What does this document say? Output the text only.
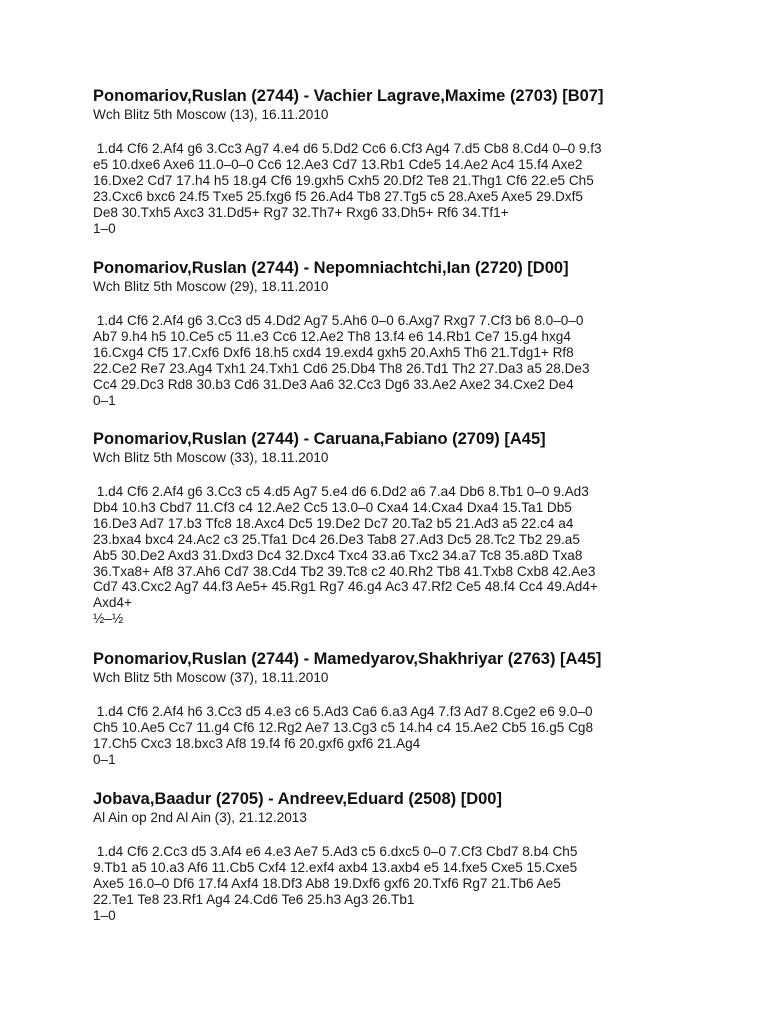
Ponomariov,Ruslan (2744) - Vachier Lagrave,Maxime (2703) [B07]
Wch Blitz 5th Moscow (13), 16.11.2010
1.d4 Cf6 2.Af4 g6 3.Cc3 Ag7 4.e4 d6 5.Dd2 Cc6 6.Cf3 Ag4 7.d5 Cb8 8.Cd4 0–0 9.f3
e5 10.dxe6 Axe6 11.0–0–0 Cc6 12.Ae3 Cd7 13.Rb1 Cde5 14.Ae2 Ac4 15.f4 Axe2
16.Dxe2 Cd7 17.h4 h5 18.g4 Cf6 19.gxh5 Cxh5 20.Df2 Te8 21.Thg1 Cf6 22.e5 Ch5
23.Cxc6 bxc6 24.f5 Txe5 25.fxg6 f5 26.Ad4 Tb8 27.Tg5 c5 28.Axe5 Axe5 29.Dxf5
De8 30.Txh5 Axc3 31.Dd5+ Rg7 32.Th7+ Rxg6 33.Dh5+ Rf6 34.Tf1+
1–0
Ponomariov,Ruslan (2744) - Nepomniachtchi,Ian (2720) [D00]
Wch Blitz 5th Moscow (29), 18.11.2010
1.d4 Cf6 2.Af4 g6 3.Cc3 d5 4.Dd2 Ag7 5.Ah6 0–0 6.Axg7 Rxg7 7.Cf3 b6 8.0–0–0
Ab7 9.h4 h5 10.Ce5 c5 11.e3 Cc6 12.Ae2 Th8 13.f4 e6 14.Rb1 Ce7 15.g4 hxg4
16.Cxg4 Cf5 17.Cxf6 Dxf6 18.h5 cxd4 19.exd4 gxh5 20.Axh5 Th6 21.Tdg1+ Rf8
22.Ce2 Re7 23.Ag4 Txh1 24.Txh1 Cd6 25.Db4 Th8 26.Td1 Th2 27.Da3 a5 28.De3
Cc4 29.Dc3 Rd8 30.b3 Cd6 31.De3 Aa6 32.Cc3 Dg6 33.Ae2 Axe2 34.Cxe2 De4
0–1
Ponomariov,Ruslan (2744) - Caruana,Fabiano (2709) [A45]
Wch Blitz 5th Moscow (33), 18.11.2010
1.d4 Cf6 2.Af4 g6 3.Cc3 c5 4.d5 Ag7 5.e4 d6 6.Dd2 a6 7.a4 Db6 8.Tb1 0–0 9.Ad3
Db4 10.h3 Cbd7 11.Cf3 c4 12.Ae2 Cc5 13.0–0 Cxa4 14.Cxa4 Dxa4 15.Ta1 Db5
16.De3 Ad7 17.b3 Tfc8 18.Axc4 Dc5 19.De2 Dc7 20.Ta2 b5 21.Ad3 a5 22.c4 a4
23.bxa4 bxc4 24.Ac2 c3 25.Tfa1 Dc4 26.De3 Tab8 27.Ad3 Dc5 28.Tc2 Tb2 29.a5
Ab5 30.De2 Axd3 31.Dxd3 Dc4 32.Dxc4 Txc4 33.a6 Txc2 34.a7 Tc8 35.a8D Txa8
36.Txa8+ Af8 37.Ah6 Cd7 38.Cd4 Tb2 39.Tc8 c2 40.Rh2 Tb8 41.Txb8 Cxb8 42.Ae3
Cd7 43.Cxc2 Ag7 44.f3 Ae5+ 45.Rg1 Rg7 46.g4 Ac3 47.Rf2 Ce5 48.f4 Cc4 49.Ad4+
Axd4+
½–½
Ponomariov,Ruslan (2744) - Mamedyarov,Shakhriyar (2763) [A45]
Wch Blitz 5th Moscow (37), 18.11.2010
1.d4 Cf6 2.Af4 h6 3.Cc3 d5 4.e3 c6 5.Ad3 Ca6 6.a3 Ag4 7.f3 Ad7 8.Cge2 e6 9.0–0
Ch5 10.Ae5 Cc7 11.g4 Cf6 12.Rg2 Ae7 13.Cg3 c5 14.h4 c4 15.Ae2 Cb5 16.g5 Cg8
17.Ch5 Cxc3 18.bxc3 Af8 19.f4 f6 20.gxf6 gxf6 21.Ag4
0–1
Jobava,Baadur (2705) - Andreev,Eduard (2508) [D00]
Al Ain op 2nd Al Ain (3), 21.12.2013
1.d4 Cf6 2.Cc3 d5 3.Af4 e6 4.e3 Ae7 5.Ad3 c5 6.dxc5 0–0 7.Cf3 Cbd7 8.b4 Ch5
9.Tb1 a5 10.a3 Af6 11.Cb5 Cxf4 12.exf4 axb4 13.axb4 e5 14.fxe5 Cxe5 15.Cxe5
Axe5 16.0–0 Df6 17.f4 Axf4 18.Df3 Ab8 19.Dxf6 gxf6 20.Txf6 Rg7 21.Tb6 Ae5
22.Te1 Te8 23.Rf1 Ag4 24.Cd6 Te6 25.h3 Ag3 26.Tb1
1–0
